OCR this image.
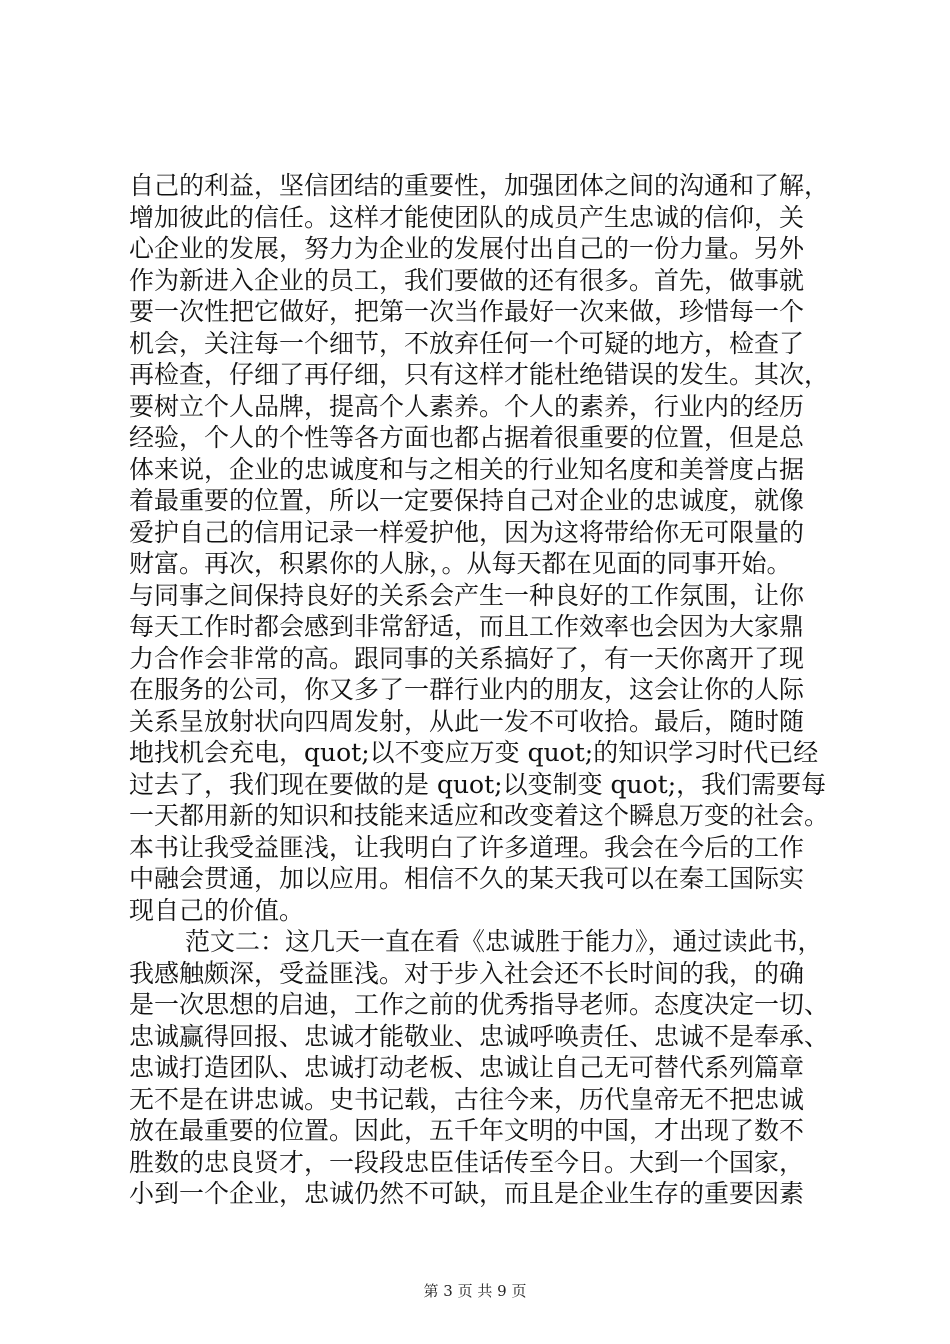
自己的利益，坚信团结的重要性，加强团体之间的沟通和了解，
增加彼此的信任。这样才能使团队的成员产生忠诚的信仰，关
心企业的发展，努力为企业的发展付出自己的一份力量。另外
作为新进入企业的员工，我们要做的还有很多。首先，做事就
要一次性把它做好，把第一次当作最好一次来做，珍惜每一个
机会，关注每一个细节，不放弃任何一个可疑的地方，检查了
再检查，仔细了再仔细，只有这样才能杜绝错误的发生。其次，
要树立个人品牌，提高个人素养。个人的素养，行业内的经历
经验，个人的个性等各方面也都占据着很重要的位置，但是总
体来说，企业的忠诚度和与之相关的行业知名度和美誉度占据
着最重要的位置，所以一定要保持自己对企业的忠诚度，就像
爱护自己的信用记录一样爱护他，因为这将带给你无可限量的
财富。再次，积累你的人脉，。从每天都在见面的同事开始。
与同事之间保持良好的关系会产生一种良好的工作氛围，让你
每天工作时都会感到非常舒适，而且工作效率也会因为大家鼎
力合作会非常的高。跟同事的关系搞好了，有一天你离开了现
在服务的公司，你又多了一群行业内的朋友，这会让你的人际
关系呈放射状向四周发射，从此一发不可收拾。最后，随时随
地找机会充电，quot;以不变应万变 quot;的知识学习时代已经
过去了，我们现在要做的是 quot;以变制变 quot;，我们需要每
一天都用新的知识和技能来适应和改变着这个瞬息万变的社会。
本书让我受益匪浅，让我明白了许多道理。我会在今后的工作
中融会贯通，加以应用。相信不久的某天我可以在秦工国际实
现自己的价值。
范文二：这几天一直在看《忠诚胜于能力》，通过读此书，
我感触颇深，受益匪浅。对于步入社会还不长时间的我，的确
是一次思想的启迪，工作之前的优秀指导老师。态度决定一切、
忠诚赢得回报、忠诚才能敬业、忠诚呼唤责任、忠诚不是奉承、
忠诚打造团队、忠诚打动老板、忠诚让自己无可替代系列篇章
无不是在讲忠诚。史书记载，古往今来，历代皇帝无不把忠诚
放在最重要的位置。因此，五千年文明的中国，才出现了数不
胜数的忠良贤才，一段段忠臣佳话传至今日。大到一个国家，
小到一个企业，忠诚仍然不可缺，而且是企业生存的重要因素
第 3 页 共 9 页
